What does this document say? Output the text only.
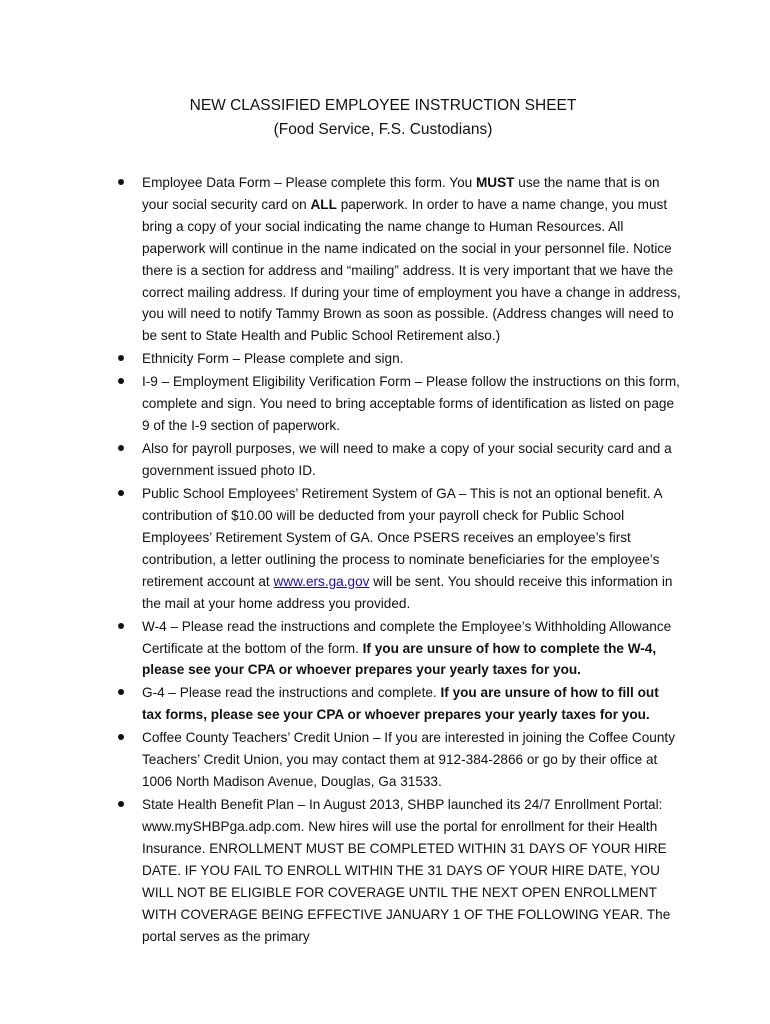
NEW CLASSIFIED EMPLOYEE INSTRUCTION SHEET
(Food Service, F.S. Custodians)
Employee Data Form – Please complete this form. You MUST use the name that is on your social security card on ALL paperwork. In order to have a name change, you must bring a copy of your social indicating the name change to Human Resources. All paperwork will continue in the name indicated on the social in your personnel file. Notice there is a section for address and “mailing” address. It is very important that we have the correct mailing address. If during your time of employment you have a change in address, you will need to notify Tammy Brown as soon as possible. (Address changes will need to be sent to State Health and Public School Retirement also.)
Ethnicity Form – Please complete and sign.
I-9 – Employment Eligibility Verification Form – Please follow the instructions on this form, complete and sign. You need to bring acceptable forms of identification as listed on page 9 of the I-9 section of paperwork.
Also for payroll purposes, we will need to make a copy of your social security card and a government issued photo ID.
Public School Employees’ Retirement System of GA – This is not an optional benefit. A contribution of $10.00 will be deducted from your payroll check for Public School Employees’ Retirement System of GA. Once PSERS receives an employee’s first contribution, a letter outlining the process to nominate beneficiaries for the employee’s retirement account at www.ers.ga.gov will be sent. You should receive this information in the mail at your home address you provided.
W-4 – Please read the instructions and complete the Employee’s Withholding Allowance Certificate at the bottom of the form. If you are unsure of how to complete the W-4, please see your CPA or whoever prepares your yearly taxes for you.
G-4 – Please read the instructions and complete. If you are unsure of how to fill out tax forms, please see your CPA or whoever prepares your yearly taxes for you.
Coffee County Teachers’ Credit Union – If you are interested in joining the Coffee County Teachers’ Credit Union, you may contact them at 912-384-2866 or go by their office at 1006 North Madison Avenue, Douglas, Ga 31533.
State Health Benefit Plan – In August 2013, SHBP launched its 24/7 Enrollment Portal: www.mySHBPga.adp.com. New hires will use the portal for enrollment for their Health Insurance. ENROLLMENT MUST BE COMPLETED WITHIN 31 DAYS OF YOUR HIRE DATE. IF YOU FAIL TO ENROLL WITHIN THE 31 DAYS OF YOUR HIRE DATE, YOU WILL NOT BE ELIGIBLE FOR COVERAGE UNTIL THE NEXT OPEN ENROLLMENT WITH COVERAGE BEING EFFECTIVE JANUARY 1 OF THE FOLLOWING YEAR. The portal serves as the primary
